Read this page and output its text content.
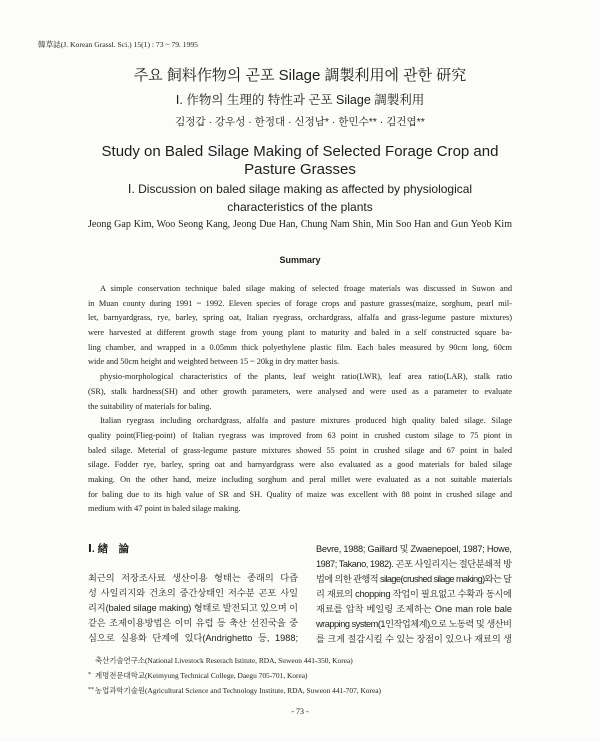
韓草誌(J. Korean Grassl. Sci.) 15(1) : 73 ~ 79. 1995
주요 飼料作物의 곤포 Silage 調製利用에 관한 研究
Ⅰ. 作物의 生理的 特性과 곤포 Silage 調製利用
김정갑 · 강우성 · 한정대 · 신정남* · 한민수** · 김건엽**
Study on Baled Silage Making of Selected Forage Crop and
Pasture Grasses
Ⅰ. Discussion on baled silage making as affected by physiological
characteristics of the plants
Jeong Gap Kim, Woo Seong Kang, Jeong Due Han, Chung Nam Shin, Min Soo Han and Gun Yeob Kim
Summary
A simple conservation technique baled silage making of selected froage materials was discussed in Suwon and
in Muan county during 1991 ~ 1992. Eleven species of forage crops and pasture grasses(maize, sorghum, pearl mil-
let, barnyardgrass, rye, barley, spring oat, Italian ryegrass, orchardgrass, alfalfa and grass-legume pasture mixtures)
were harvested at different growth stage from young plant to maturity and baled in a self constructed square ba-
ling chamber, and wrapped in a 0.05mm thick polyethylene plastic film. Each bales measured by 90cm long, 60cm
wide and 50cm height and weighted between 15 ~ 20kg in dry matter basis.
physio-morphological characteristics of the plants, leaf weight ratio(LWR), leaf area ratio(LAR), stalk ratio
(SR), stalk hardness(SH) and other growth parameters, were analysed and were used as a parameter to evaluate
the suitability of materials for baling.
Italian ryegrass including orchardgrass, alfalfa and pasture mixtures produced high quality baled silage. Silage
quality point(Flieg-point) of Italian ryegrass was improved from 63 point in crushed custom silage to 75 piont in
baled silage. Meterial of grass-legume pasture mixtures showed 55 point in crushed silage and 67 point in baled
silage. Fodder rye, barley, spring oat and barnyardgrass were also evaluated as a good materials for baled silage
making. On the other hand, meize including sorghum and peral millet were evaluated as a not suitable materials
for baling due to its high value of SR and SH. Quality of maize was excellent with 88 point in crushed silage and
medium with 47 point in baled silage making.
Ⅰ. 緖　論
최근의 저장조사료 생산이용 형태는 종래의 다즙
성 사일리지와 건초의 중간상태인 저수분 곤포 사일
리지(baled silage making) 형태로 발전되고 있으며 이
같은 조제이용방법은 이미 유럽 등 축산 선진국을 중
심으로 실용화 단계에 있다(Andrighetto 등, 1988;
Bevre, 1988; Gaillard 및 Zwaenepoel, 1987; Howe,
1987; Takano, 1982). 곤포 사일리지는 절단분쇄적 방
법에 의한 관행적 silage(crushed silage making)와는 달
리 재료의 chopping 작업이 필요없고 수확과 동시에
재료를 압착 베일링 조제하는 One man role bale
wrapping system(1인작업체계)으로 노동력 및 생산비
를 크게 절감시킬 수 있는 장점이 있으나 재료의 생
축산기술연구소(National Livestock Reserach Istitute, RDA, Suweon 441-350, Korea)
* 계명전문대학교(Keimyung Technical College, Daegu 705-701, Korea)
**농업과학기술원(Agricultural Science and Technology Institute, RDA, Suweon 441-707, Korea)
- 73 -
